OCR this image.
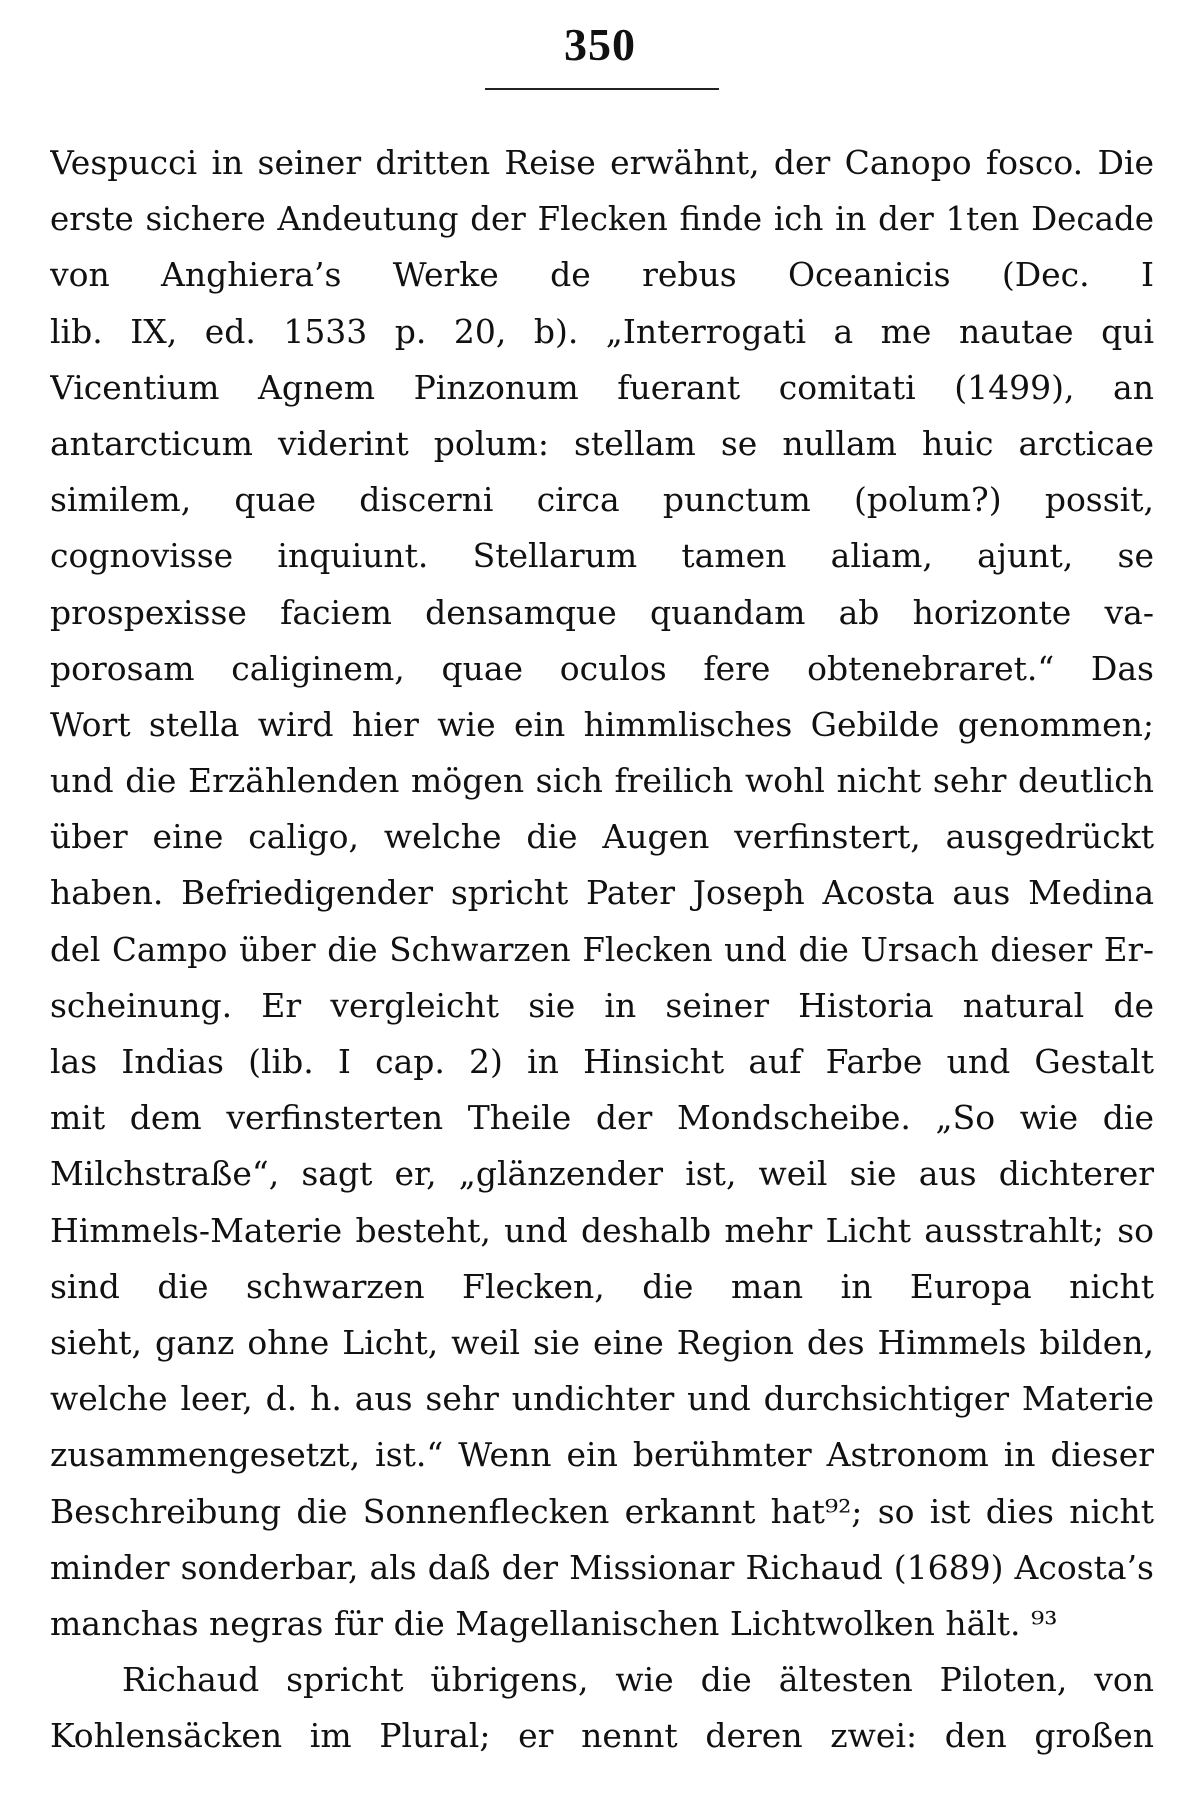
350
Vespucci in seiner dritten Reise erwähnt, der Canopo fosco. Die
erste sichere Andeutung der Flecken finde ich in der 1ten Decade
von Anghiera’s Werke de rebus Oceanicis (Dec. I
lib. IX, ed. 1533 p. 20, b). „Interrogati a me nautae qui
Vicentium Agnem Pinzonum fuerant comitati (1499), an
antarcticum viderint polum: stellam se nullam huic arcticae
similem, quae discerni circa punctum (polum?) possit,
cognovisse inquiunt. Stellarum tamen aliam, ajunt, se
prospexisse faciem densamque quandam ab horizonte va-
porosam caliginem, quae oculos fere obtenebraret.“ Das
Wort stella wird hier wie ein himmlisches Gebilde genommen;
und die Erzählenden mögen sich freilich wohl nicht sehr deutlich
über eine caligo, welche die Augen verfinstert, ausgedrückt
haben. Befriedigender spricht Pater Joseph Acosta aus Medina
del Campo über die Schwarzen Flecken und die Ursach dieser Er-
scheinung. Er vergleicht sie in seiner Historia natural de
las Indias (lib. I cap. 2) in Hinsicht auf Farbe und Gestalt
mit dem verfinsterten Theile der Mondscheibe. „So wie die
Milchstraße“, sagt er, „glänzender ist, weil sie aus dichterer
Himmels-Materie besteht, und deshalb mehr Licht ausstrahlt; so
sind die schwarzen Flecken, die man in Europa nicht
sieht, ganz ohne Licht, weil sie eine Region des Himmels bilden,
welche leer, d. h. aus sehr undichter und durchsichtiger Materie
zusammengesetzt, ist.“ Wenn ein berühmter Astronom in dieser
Beschreibung die Sonnenflecken erkannt hat⁹²; so ist dies nicht
minder sonderbar, als daß der Missionar Richaud (1689) Acosta’s
manchas negras für die Magellanischen Lichtwolken hält. ⁹³
Richaud spricht übrigens, wie die ältesten Piloten, von
Kohlensäcken im Plural; er nennt deren zwei: den großen
